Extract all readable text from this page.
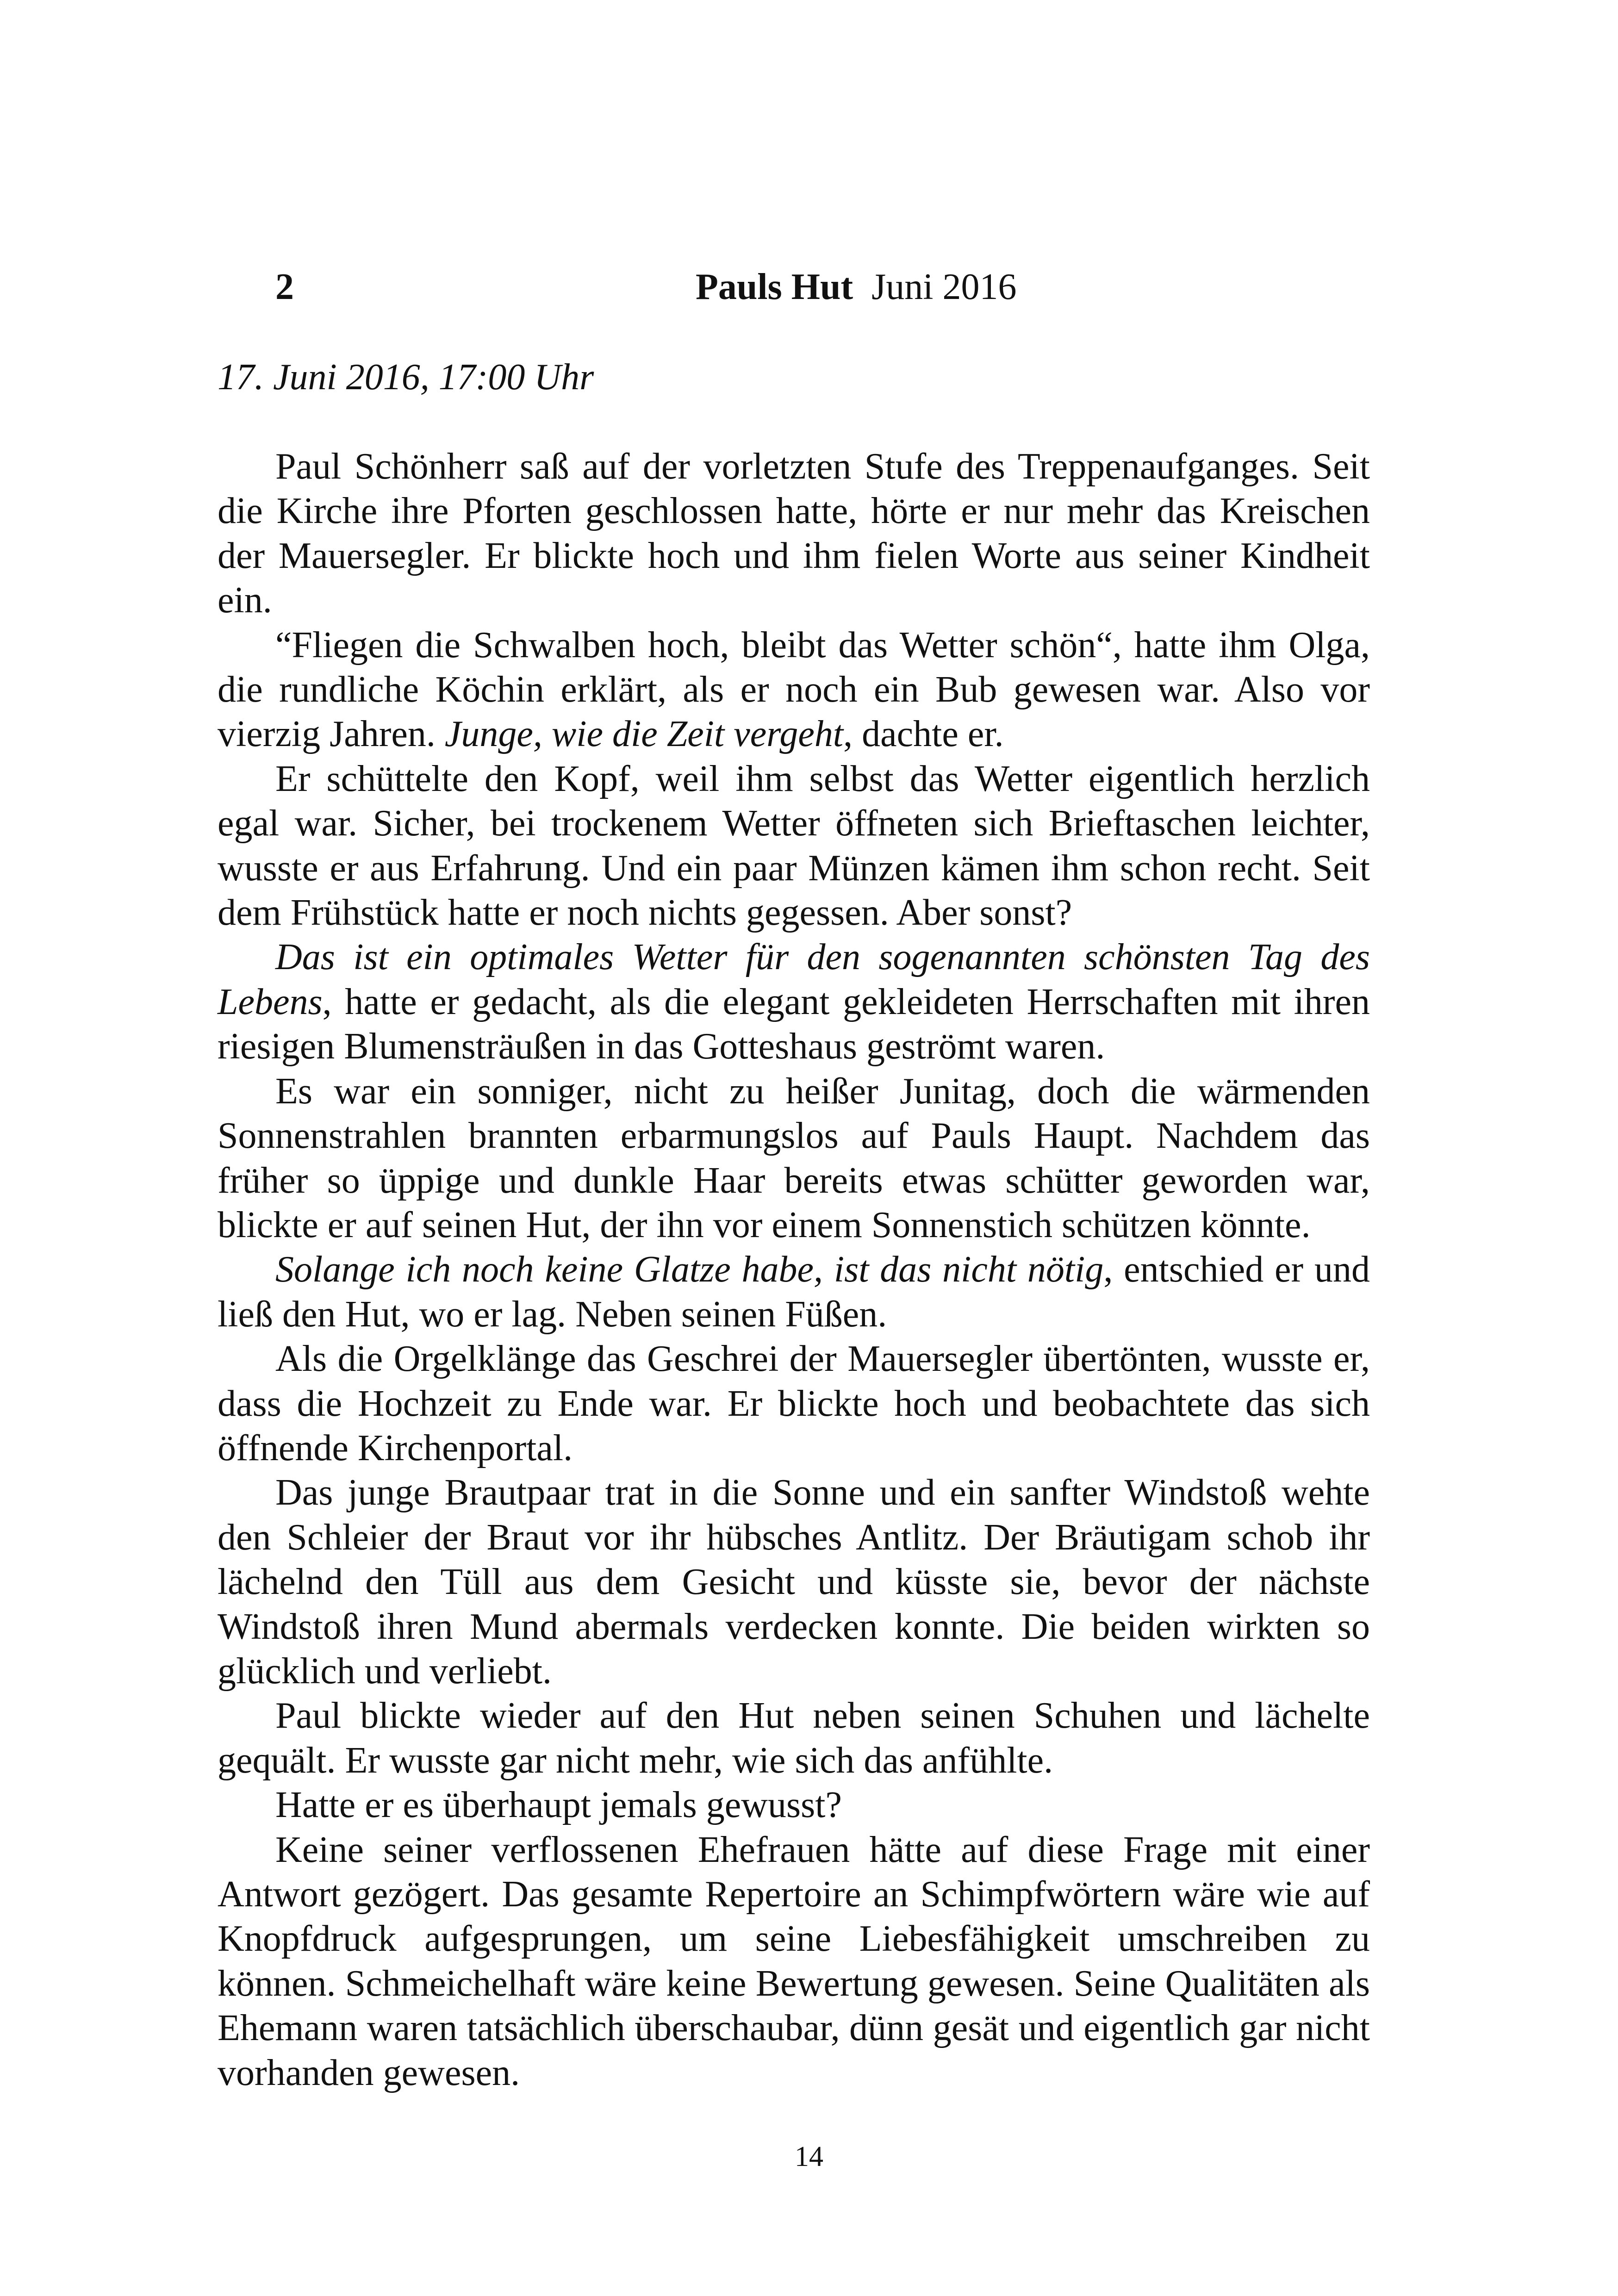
2	Pauls Hut Juni 2016
17. Juni 2016, 17:00 Uhr

Paul Schönherr saß auf der vorletzten Stufe des Treppenaufganges. Seit die Kirche ihre Pforten geschlossen hatte, hörte er nur mehr das Kreischen der Mauersegler. Er blickte hoch und ihm fielen Worte aus seiner Kindheit ein.

“Fliegen die Schwalben hoch, bleibt das Wetter schön“, hatte ihm Olga, die rundliche Köchin erklärt, als er noch ein Bub gewesen war. Also vor vierzig Jahren. Junge, wie die Zeit vergeht, dachte er.

Er schüttelte den Kopf, weil ihm selbst das Wetter eigentlich herzlich egal war. Sicher, bei trockenem Wetter öffneten sich Brieftaschen leichter, wusste er aus Erfahrung. Und ein paar Münzen kämen ihm schon recht. Seit dem Frühstück hatte er noch nichts gegessen. Aber sonst?

Das ist ein optimales Wetter für den sogenannten schönsten Tag des Lebens, hatte er gedacht, als die elegant gekleideten Herrschaften mit ihren riesigen Blumensträußen in das Gotteshaus geströmt waren.

Es war ein sonniger, nicht zu heißer Junitag, doch die wärmenden Sonnenstrahlen brannten erbarmungslos auf Pauls Haupt. Nachdem das früher so üppige und dunkle Haar bereits etwas schütter geworden war, blickte er auf seinen Hut, der ihn vor einem Sonnenstich schützen könnte.

Solange ich noch keine Glatze habe, ist das nicht nötig, entschied er und ließ den Hut, wo er lag. Neben seinen Füßen.

Als die Orgelklänge das Geschrei der Mauersegler übertönten, wusste er, dass die Hochzeit zu Ende war. Er blickte hoch und beobachtete das sich öffnende Kirchenportal.

Das junge Brautpaar trat in die Sonne und ein sanfter Windstoß wehte den Schleier der Braut vor ihr hübsches Antlitz. Der Bräutigam schob ihr lächelnd den Tüll aus dem Gesicht und küsste sie, bevor der nächste Windstoß ihren Mund abermals verdecken konnte. Die beiden wirkten so glücklich und verliebt.

Paul blickte wieder auf den Hut neben seinen Schuhen und lächelte gequält. Er wusste gar nicht mehr, wie sich das anfühlte.

Hatte er es überhaupt jemals gewusst?

Keine seiner verflossenen Ehefrauen hätte auf diese Frage mit einer Antwort gezögert. Das gesamte Repertoire an Schimpfwörtern wäre wie auf Knopfdruck aufgesprungen, um seine Liebesfähigkeit umschreiben zu können. Schmeichelhaft wäre keine Bewertung gewesen. Seine Qualitäten als Ehemann waren tatsächlich überschaubar, dünn gesät und eigentlich gar nicht vorhanden gewesen.

14
